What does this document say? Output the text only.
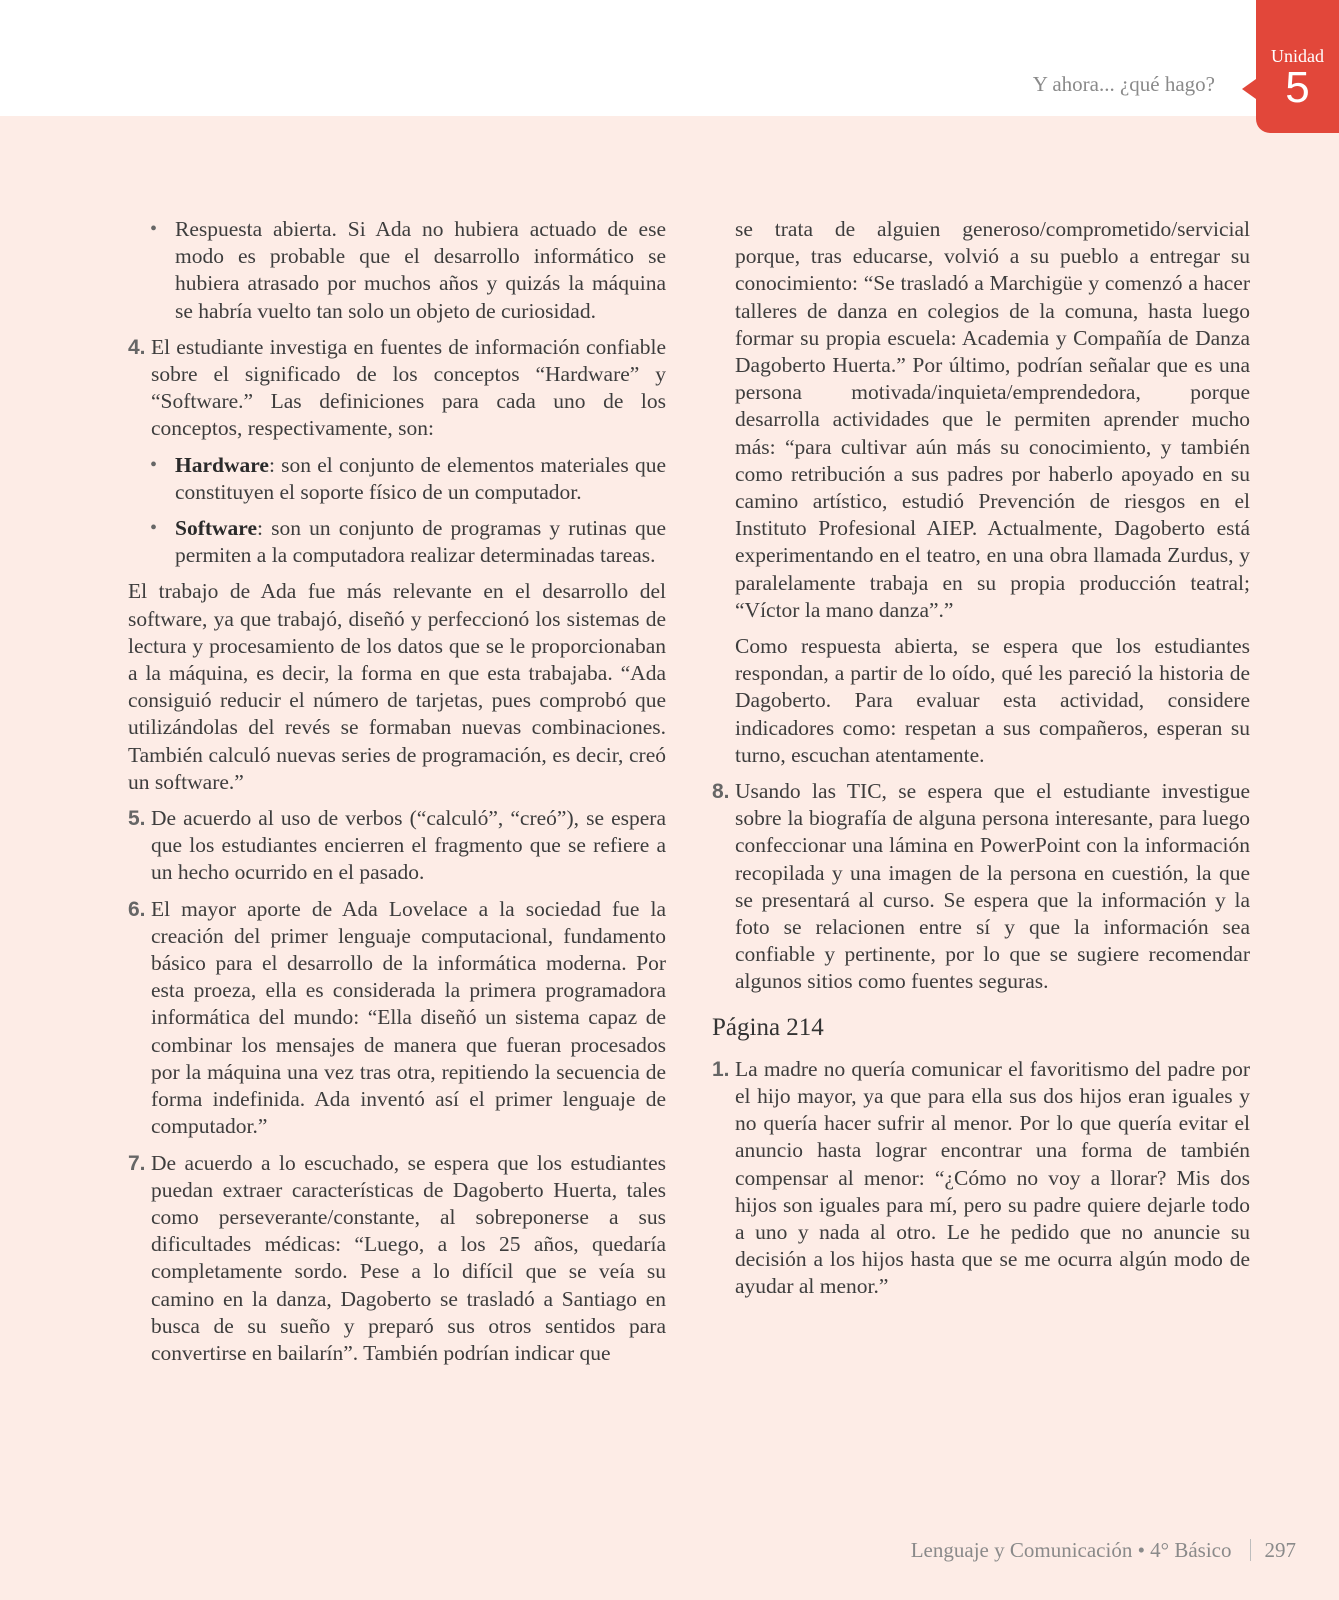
Y ahora... ¿qué hago?
Unidad
5
• Respuesta abierta. Si Ada no hubiera actuado de ese modo es probable que el desarrollo informático se hubiera atrasado por muchos años y quizás la máquina se habría vuelto tan solo un objeto de curiosidad.

4. El estudiante investiga en fuentes de información confiable sobre el significado de los conceptos “Hardware” y “Software.” Las definiciones para cada uno de los conceptos, respectivamente, son:

• Hardware: son el conjunto de elementos materiales que constituyen el soporte físico de un computador.

• Software: son un conjunto de programas y rutinas que permiten a la computadora realizar determinadas tareas.

El trabajo de Ada fue más relevante en el desarrollo del software, ya que trabajó, diseñó y perfeccionó los sistemas de lectura y procesamiento de los datos que se le proporcionaban a la máquina, es decir, la forma en que esta trabajaba. “Ada consiguió reducir el número de tarjetas, pues comprobó que utilizándolas del revés se formaban nuevas combinaciones. También calculó nuevas series de programación, es decir, creó un software.”

5. De acuerdo al uso de verbos (“calculó”, “creó”), se espera que los estudiantes encierren el fragmento que se refiere a un hecho ocurrido en el pasado.

6. El mayor aporte de Ada Lovelace a la sociedad fue la creación del primer lenguaje computacional, fundamento básico para el desarrollo de la informática moderna. Por esta proeza, ella es considerada la primera programadora informática del mundo: “Ella diseñó un sistema capaz de combinar los mensajes de manera que fueran procesados por la máquina una vez tras otra, repitiendo la secuencia de forma indefinida. Ada inventó así el primer lenguaje de computador.”

7. De acuerdo a lo escuchado, se espera que los estudiantes puedan extraer características de Dagoberto Huerta, tales como perseverante/constante, al sobreponerse a sus dificultades médicas: “Luego, a los 25 años, quedaría completamente sordo. Pese a lo difícil que se veía su camino en la danza, Dagoberto se trasladó a Santiago en busca de su sueño y preparó sus otros sentidos para convertirse en bailarín”. También podrían indicar que

se trata de alguien generoso/comprometido/servicial porque, tras educarse, volvió a su pueblo a entregar su conocimiento: “Se trasladó a Marchigüe y comenzó a hacer talleres de danza en colegios de la comuna, hasta luego formar su propia escuela: Academia y Compañía de Danza Dagoberto Huerta.” Por último, podrían señalar que es una persona motivada/inquieta/emprendedora, porque desarrolla actividades que le permiten aprender mucho más: “para cultivar aún más su conocimiento, y también como retribución a sus padres por haberlo apoyado en su camino artístico, estudió Prevención de riesgos en el Instituto Profesional AIEP. Actualmente, Dagoberto está experimentando en el teatro, en una obra llamada Zurdus, y paralelamente trabaja en su propia producción teatral; “Víctor la mano danza”.”

Como respuesta abierta, se espera que los estudiantes respondan, a partir de lo oído, qué les pareció la historia de Dagoberto. Para evaluar esta actividad, considere indicadores como: respetan a sus compañeros, esperan su turno, escuchan atentamente.

8. Usando las TIC, se espera que el estudiante investigue sobre la biografía de alguna persona interesante, para luego confeccionar una lámina en PowerPoint con la información recopilada y una imagen de la persona en cuestión, la que se presentará al curso. Se espera que la información y la foto se relacionen entre sí y que la información sea confiable y pertinente, por lo que se sugiere recomendar algunos sitios como fuentes seguras.

Página 214
1. La madre no quería comunicar el favoritismo del padre por el hijo mayor, ya que para ella sus dos hijos eran iguales y no quería hacer sufrir al menor. Por lo que quería evitar el anuncio hasta lograr encontrar una forma de también compensar al menor: “¿Cómo no voy a llorar? Mis dos hijos son iguales para mí, pero su padre quiere dejarle todo a uno y nada al otro. Le he pedido que no anuncie su decisión a los hijos hasta que se me ocurra algún modo de ayudar al menor.”

Lenguaje y Comunicación • 4° Básico 297
